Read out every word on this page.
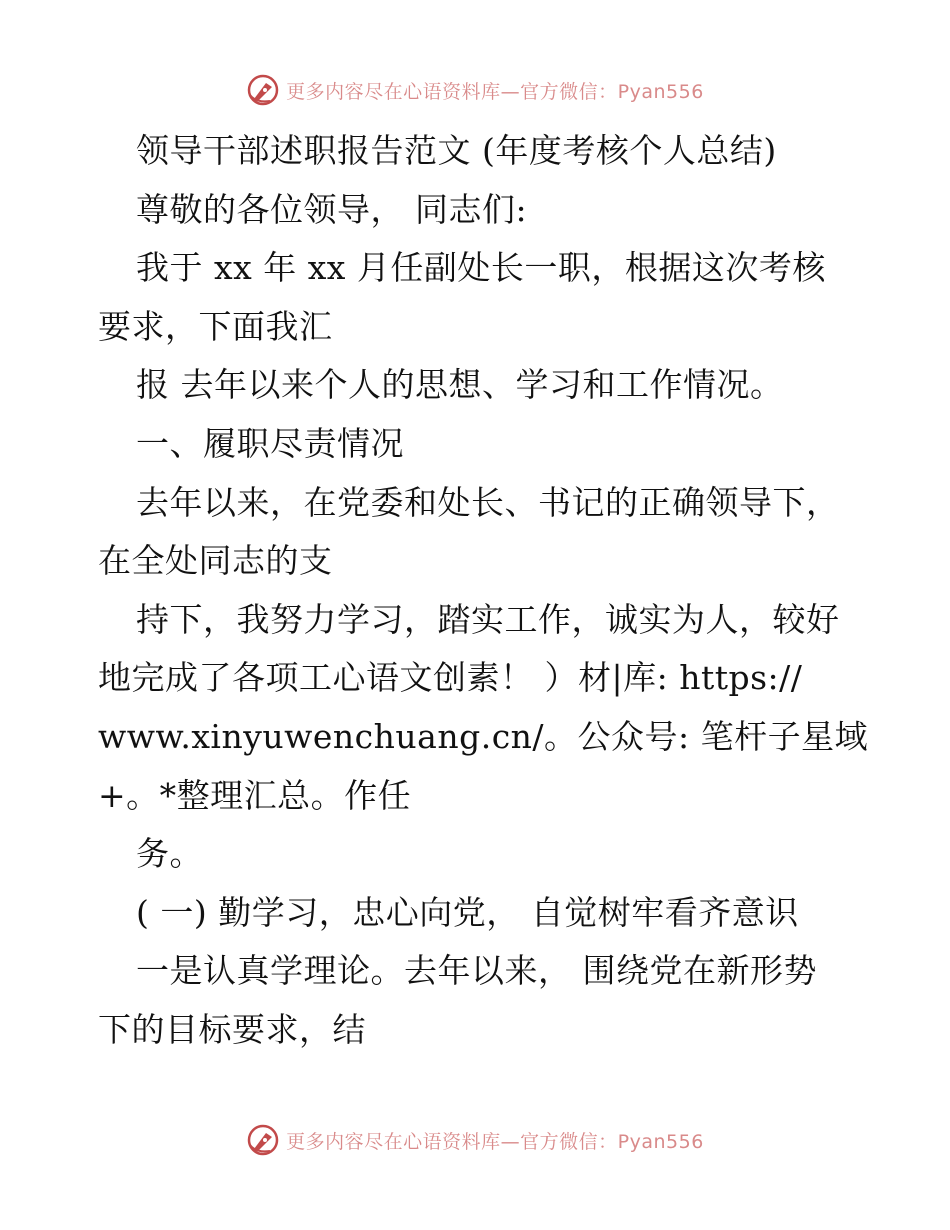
更多内容尽在心语资料库—官方微信：Pyan556
领导干部述职报告范文 (年度考核个人总结)
尊敬的各位领导， 同志们:
我于 xx 年 xx 月任副处长一职，根据这次考核
要求，下面我汇
报 去年以来个人的思想、学习和工作情况。
一、履职尽责情况
去年以来，在党委和处长、书记的正确领导下，
在全处同志的支
持下，我努力学习，踏实工作，诚实为人，较好
地完成了各项工心语文创素！ ）材|库: https://
www.xinyuwenchuang.cn/。公众号: 笔杆子星域
+。*整理汇总。作任
务。
( 一) 勤学习，忠心向党， 自觉树牢看齐意识
一是认真学理论。去年以来， 围绕党在新形势
下的目标要求，结
更多内容尽在心语资料库—官方微信：Pyan556
